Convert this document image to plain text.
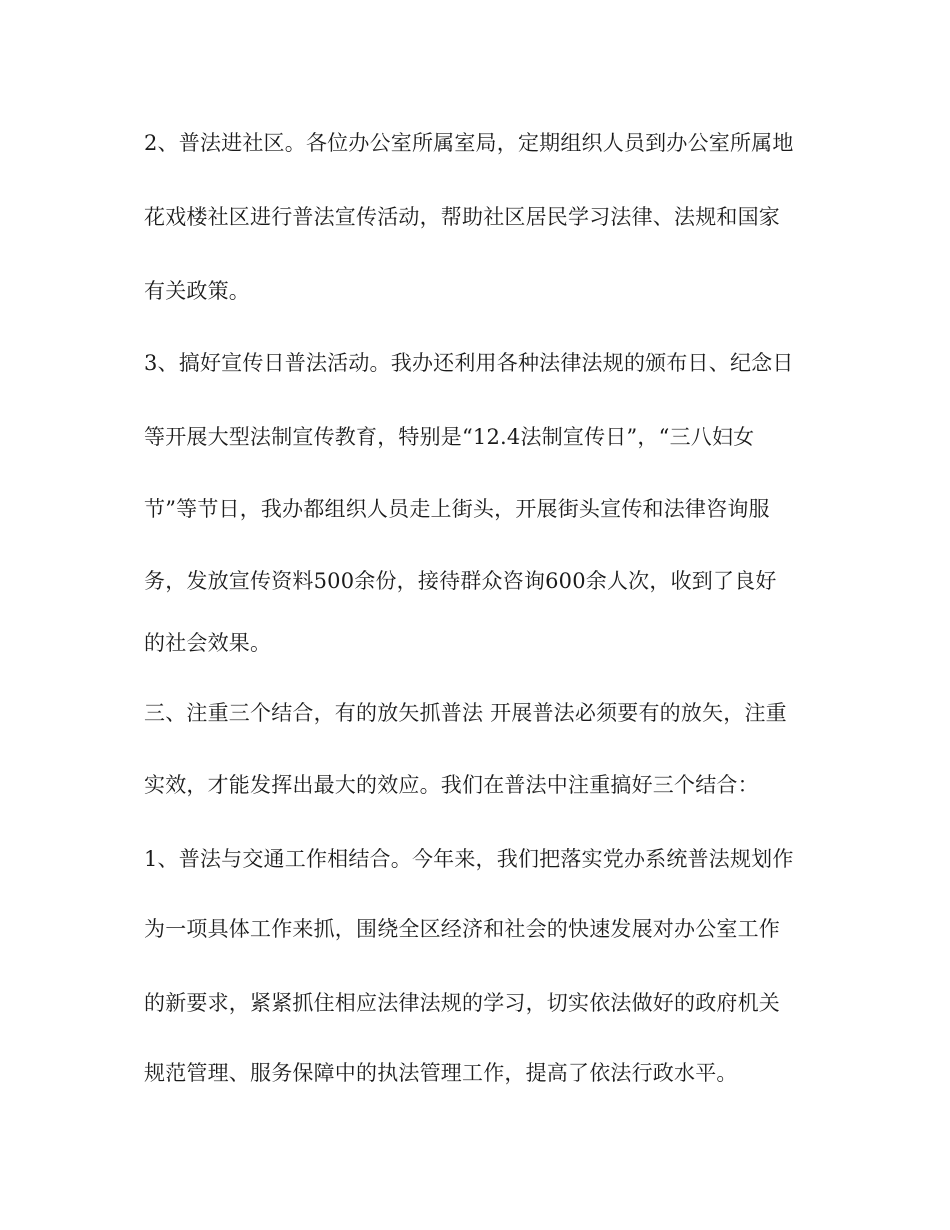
2、普法进社区。各位办公室所属室局，定期组织人员到办公室所属地
花戏楼社区进行普法宣传活动，帮助社区居民学习法律、法规和国家
有关政策。
3、搞好宣传日普法活动。我办还利用各种法律法规的颁布日、纪念日
等开展大型法制宣传教育，特别是“12.4法制宣传日”，“三八妇女
节”等节日，我办都组织人员走上街头，开展街头宣传和法律咨询服
务，发放宣传资料500余份，接待群众咨询600余人次，收到了良好
的社会效果。
三、注重三个结合，有的放矢抓普法 开展普法必须要有的放矢，注重
实效，才能发挥出最大的效应。我们在普法中注重搞好三个结合：
1、普法与交通工作相结合。今年来，我们把落实党办系统普法规划作
为一项具体工作来抓，围绕全区经济和社会的快速发展对办公室工作
的新要求，紧紧抓住相应法律法规的学习，切实依法做好的政府机关
规范管理、服务保障中的执法管理工作，提高了依法行政水平。
